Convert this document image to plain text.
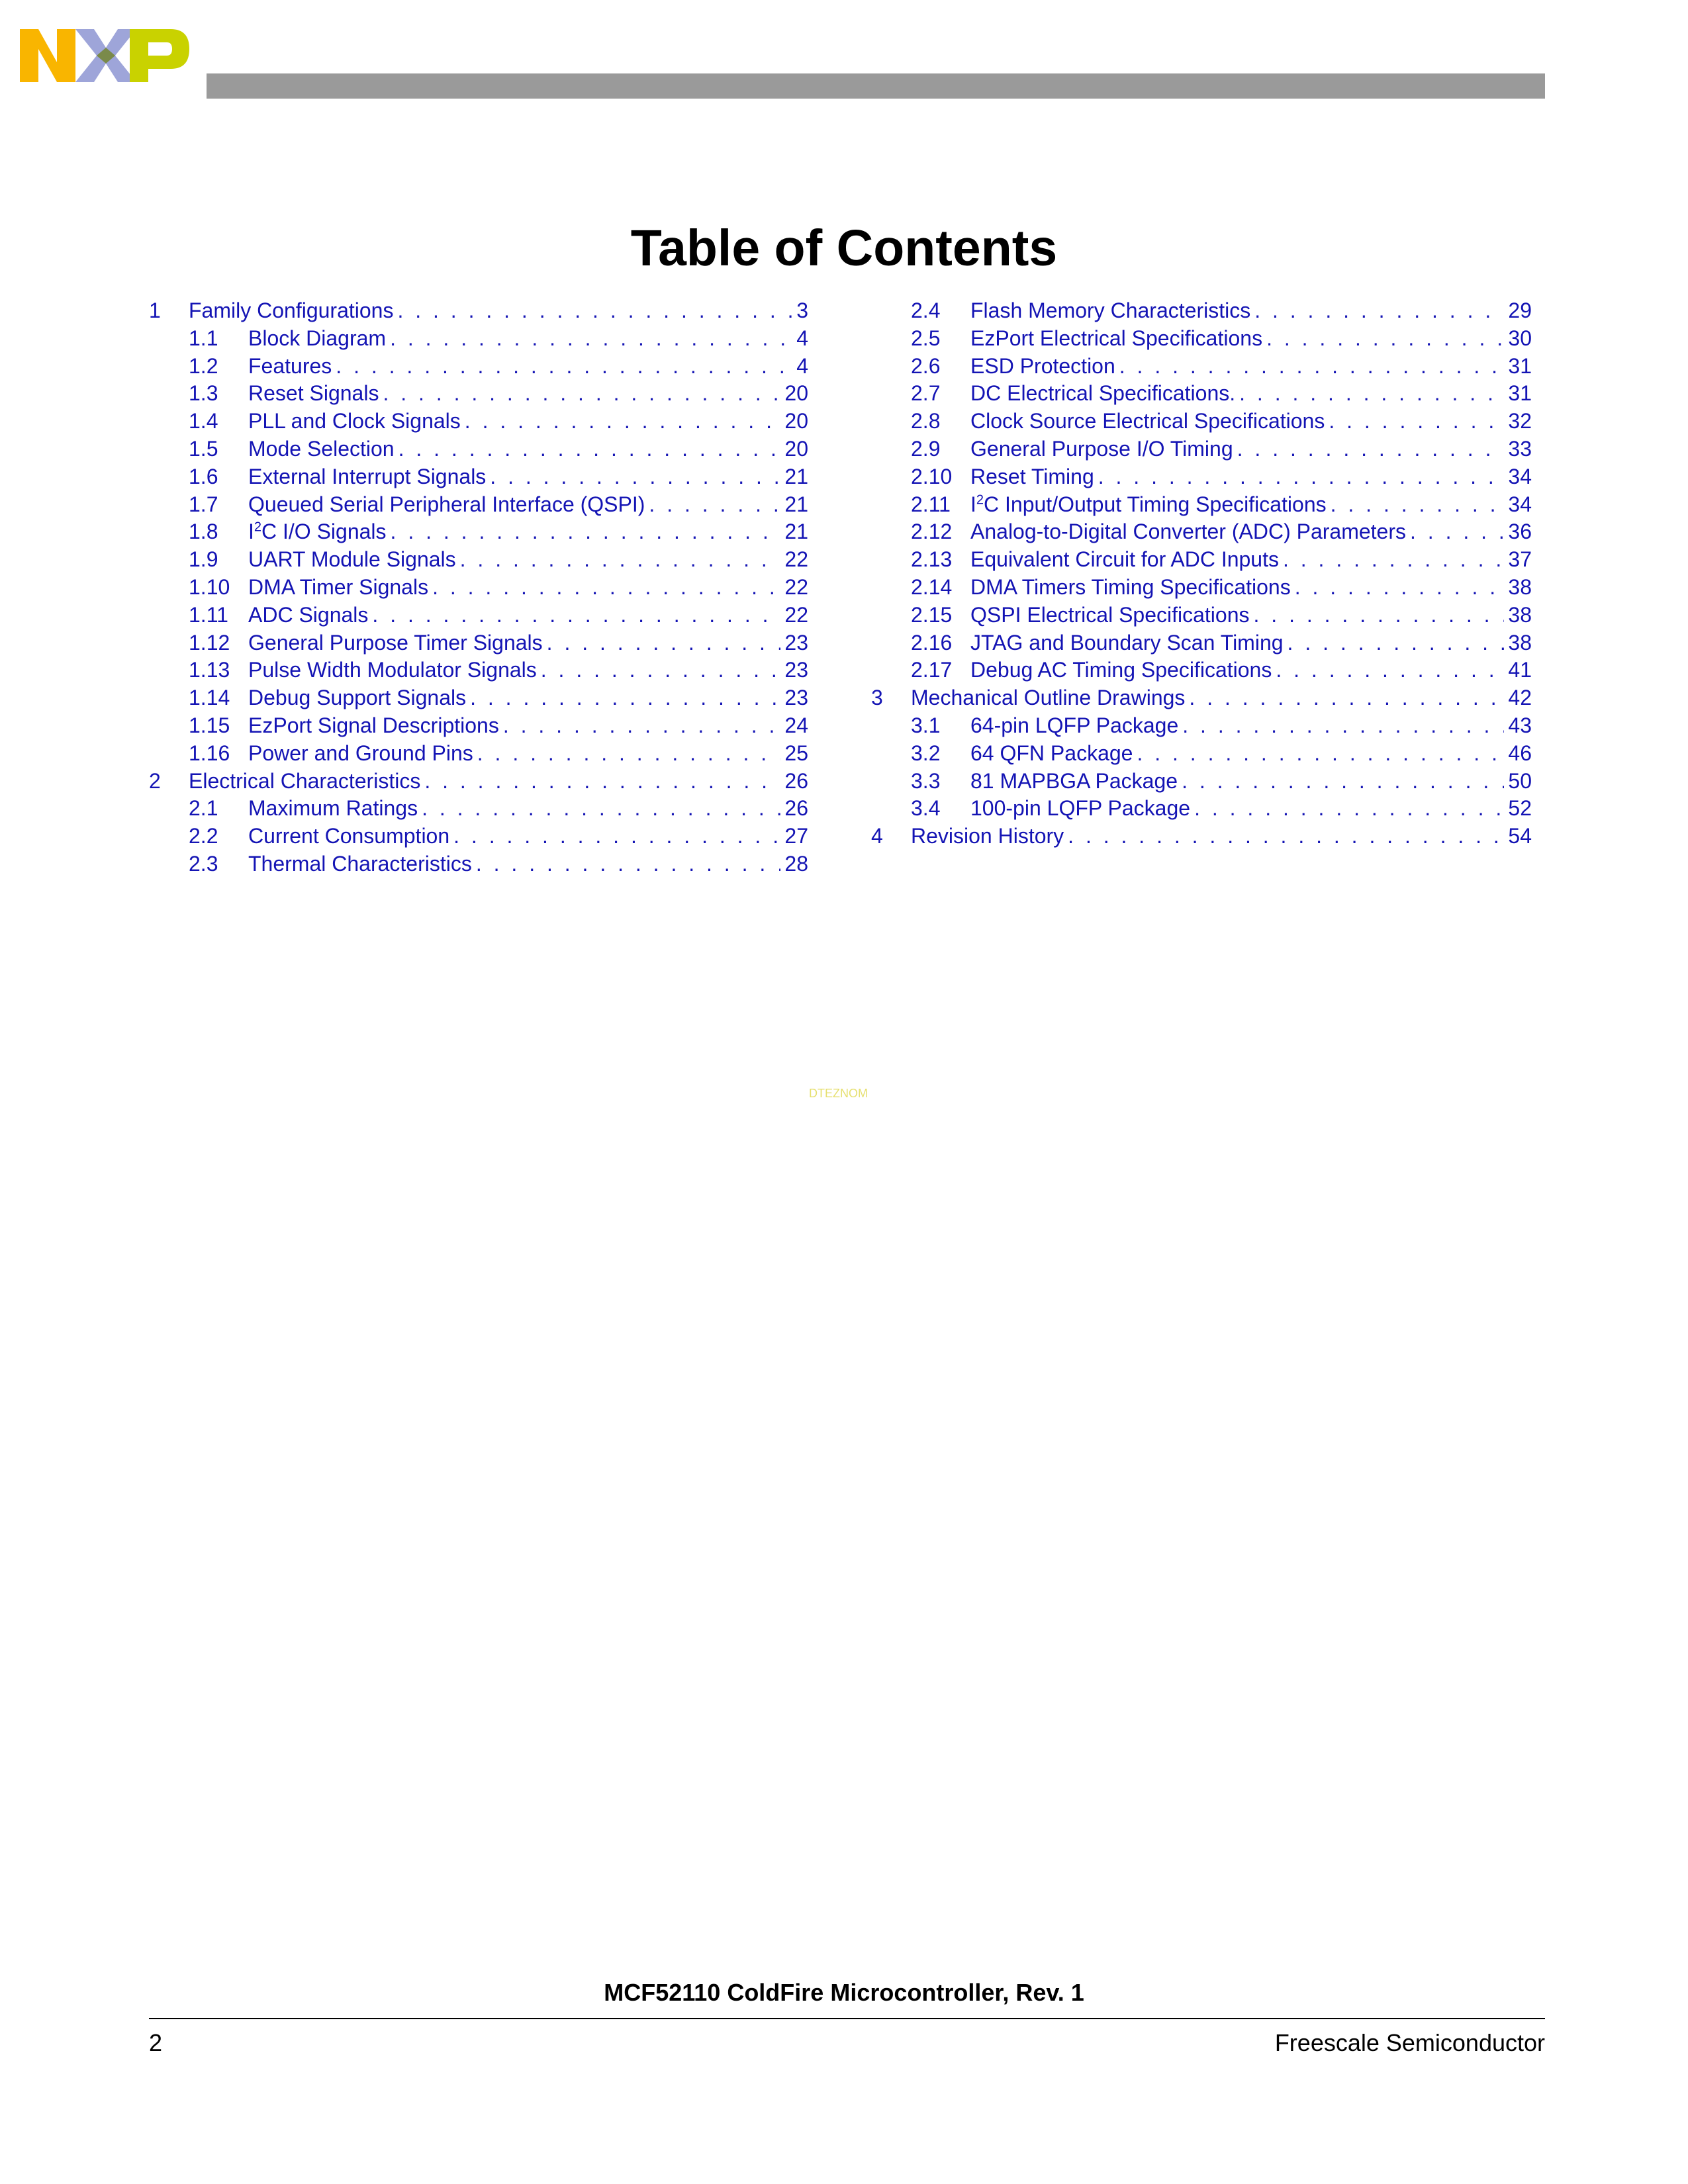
Table of Contents
1	Family Configurations . . .	3
1.1	Block Diagram . . .	4
1.2	Features . . .	4
1.3	Reset Signals . . .	20
1.4	PLL and Clock Signals . . .	20
1.5	Mode Selection . . .	20
1.6	External Interrupt Signals . . .	21
1.7	Queued Serial Peripheral Interface (QSPI) . . .	21
1.8	$I^2C$ I/O Signals . . .	21
1.9	UART Module Signals . . .	22
1.10 DMA Timer Signals . . .	22
1.11 ADC Signals . . .	22
1.12 General Purpose Timer Signals . . .	23
1.13 Pulse Width Modulator Signals . . .	23
1.14 Debug Support Signals . . .	23
1.15 EzPort Signal Descriptions . . .	24
1.16 Power and Ground Pins . . .	25
2	Electrical Characteristics . . .	26
2.1	Maximum Ratings . . .	26
2.2	Current Consumption . . .	27
2.3	Thermal Characteristics . . .	28
2.4	Flash Memory Characteristics . . .	29
2.5	EzPort Electrical Specifications . . .	30
2.6	ESD Protection . . .	31
2.7	DC Electrical Specifications. . . .	31
2.8	Clock Source Electrical Specifications . . .	32
2.9	General Purpose I/O Timing . . .	33
2.10 Reset Timing . . .	34
2.11 $I^2C$ Input/Output Timing Specifications . . .	34
2.12 Analog-to-Digital Converter (ADC) Parameters . . .	36
2.13 Equivalent Circuit for ADC Inputs . . .	37
2.14 DMA Timers Timing Specifications . . .	38
2.15 QSPI Electrical Specifications . . .	38
2.16 JTAG and Boundary Scan Timing . . .	38
2.17 Debug AC Timing Specifications . . .	41
3	Mechanical Outline Drawings . . .	42
3.1	64-pin LQFP Package . . .	43
3.2	64 QFN Package . . .	46
3.3	81 MAPBGA Package . . .	50
3.4	100-pin LQFP Package . . .	52
4	Revision History . . .	54
DTEZNOM
MCF52110 ColdFire Microcontroller, Rev. 1
2	Freescale Semiconductor
